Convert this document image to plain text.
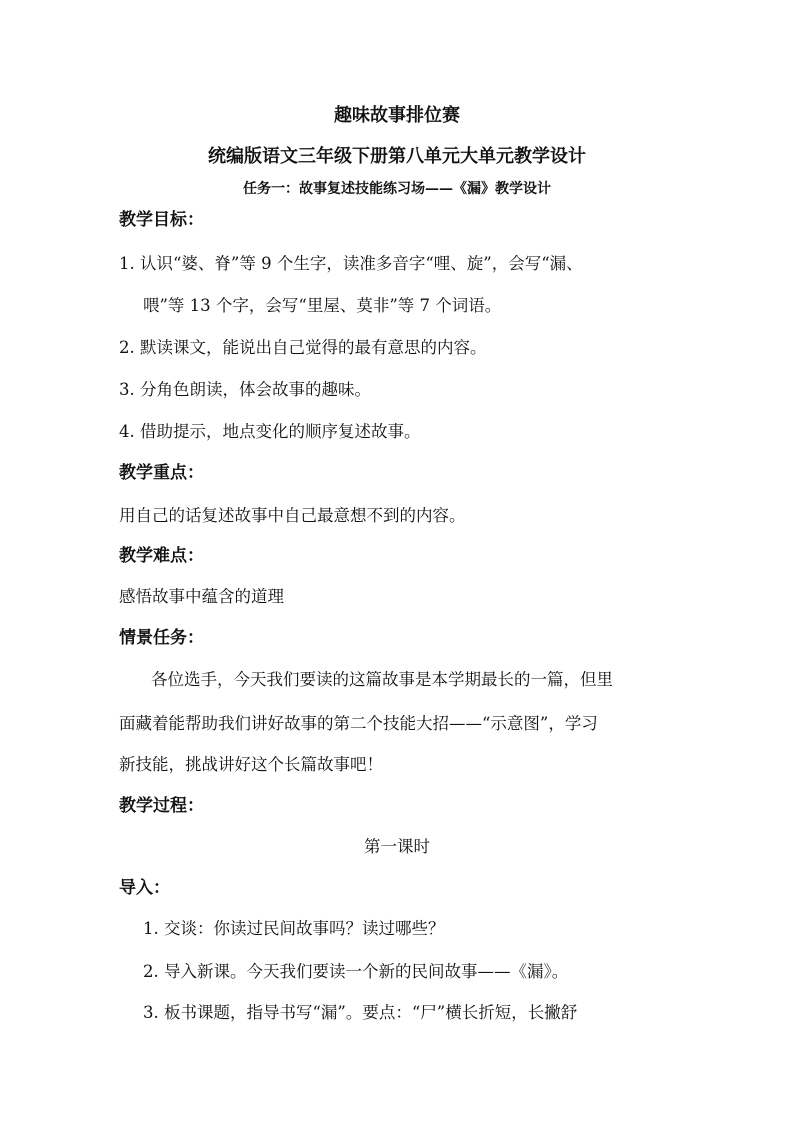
趣味故事排位赛
统编版语文三年级下册第八单元大单元教学设计
任务一：故事复述技能练习场——《漏》教学设计
教学目标：
1. 认识“婆、脊”等 9 个生字，读准多音字“哩、旋”，会写“漏、
喂”等 13 个字，会写“里屋、莫非”等 7 个词语。
2. 默读课文，能说出自己觉得的最有意思的内容。
3. 分角色朗读，体会故事的趣味。
4. 借助提示，地点变化的顺序复述故事。
教学重点：
用自己的话复述故事中自己最意想不到的内容。
教学难点：
感悟故事中蕴含的道理
情景任务：
各位选手，今天我们要读的这篇故事是本学期最长的一篇，但里
面藏着能帮助我们讲好故事的第二个技能大招——“示意图”，学习
新技能，挑战讲好这个长篇故事吧！
教学过程：
第一课时
导入：
1. 交谈：你读过民间故事吗？读过哪些？
2. 导入新课。今天我们要读一个新的民间故事——《漏》。
3. 板书课题，指导书写“漏”。要点：“尸”横长折短，长撇舒
